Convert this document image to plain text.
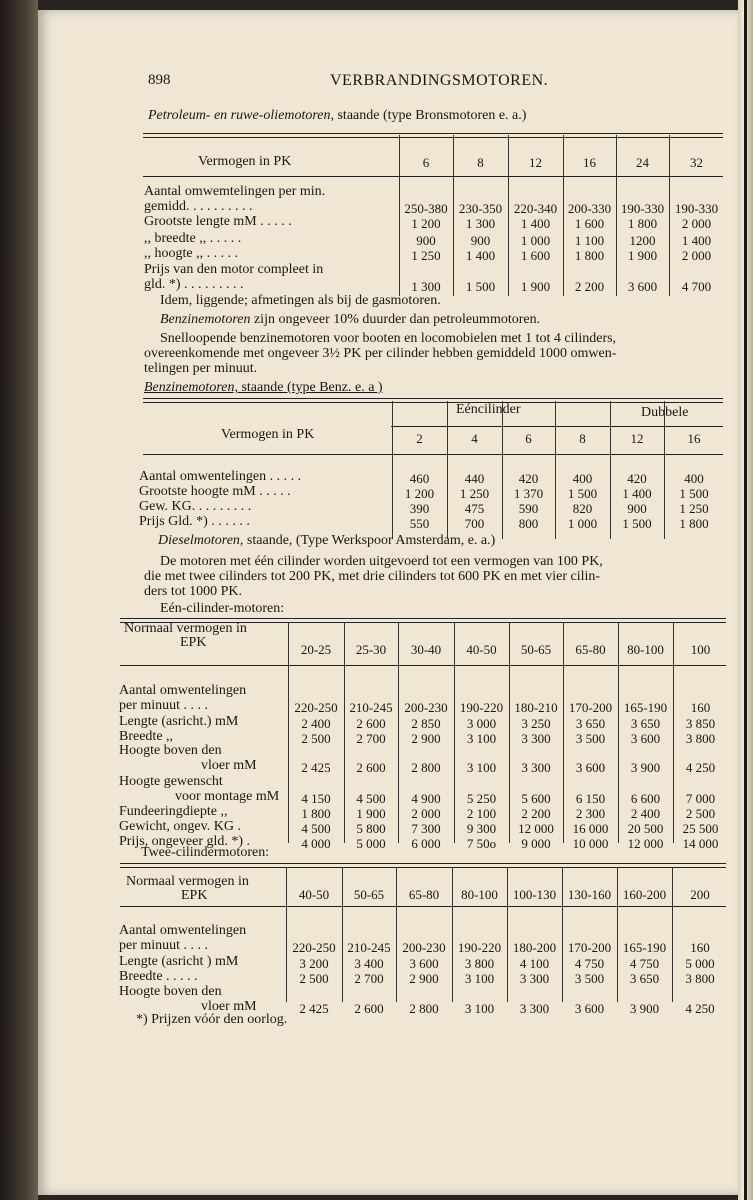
898	VERBRANDINGSMOTOREN.
Petroleum- en ruwe-oliemotoren, staande (type Bronsmotoren e. a.)
Vermogen in PK	6	8	12	16	24	32
Aantal omwemtelingen per min.
gemidd. . . . . . . . . .	250-380 230-350 220-340 200-330 190-330 190-330
Grootste lengte mM . . . . .	1 200	1 300	1 400	1 600	1 800	2 000
,, breedte ,, . . . . .	900	900	1 000	1 100	1200	1 400
,, hoogte ,, . . . . .	1 250	1 400	1 600	1 800	1 900	2 000
Prijs van den motor compleet in
gld. *) . . . . . . . . .	1 300	1 500	1 900	2 200	3 600	4 700
Idem, liggende; afmetingen als bij de gasmotoren.
Benzinemotoren zijn ongeveer 10% duurder dan petroleummotoren.
Snelloopende benzinemotoren voor booten en locomobielen met 1 tot 4 cilinders,
overeenkomende met ongeveer 3½ PK per cilinder hebben gemiddeld 1000 omwen-
telingen per minuut.
Benzinemotoren, staande (type Benz. e. a )
Vermogen in PK
Eéncilinder	Dubbele
2	4	6	8	12	16
Aantal omwentelingen . . . . .	460	440	420	400	420	400
Grootste hoogte mM . . . . .	1 200	1 250	1 370	1 500	1 400	1 500
Gew. KG. . . . . . . . .	390	475	590	820	900	1 250
Prijs Gld. *) . . . . . .	550	700	800	1 000	1 500	1 800
Dieselmotoren, staande, (Type Werkspoor Amsterdam, e. a.)
De motoren met één cilinder worden uitgevoerd tot een vermogen van 100 PK,
die met twee cilinders tot 200 PK, met drie cilinders tot 600 PK en met vier cilin-
ders tot 1000 PK.
Eén-cilinder-motoren:
Normaal vermogen in
EPK	20-25	25-30	30-40	40-50	50-65	65-80	80-100	100
Aantal omwentelingen
per minuut . . . .	220-250 210-245 200-230 190-220 180-210 170-200 165-190	160
Lengte (asricht.) mM	2 400	2 600	2 850	3 000	3 250	3 650	3 650	3 850
Breedte ,,	2 500	2 700	2 900	3 100	3 300	3 500	3 600	3 800
Hoogte boven den
vloer mM	2 425	2 600	2 800	3 100	3 300	3 600	3 900	4 250
Hoogte gewenscht
voor montage mM	4 150	4 500	4 900	5 250	5 600	6 150	6 600	7 000
Fundeeringdiepte ,,	1 800	1 900	2 000	2 100	2 200	2 300	2 400	2 500
Gewicht, ongev. KG .	4 500	5 800	7 300	9 300	12 000	16 000	20 500	25 500
Prijs, ongeveer gld. *) .	4 000	5 000	6 000	7 50o	9 000	10 000	12 000	14 000
Twee-cilindermotoren:
Normaal vermogen in
EPK	40-50	50-65	65-80	80-100	100-130 130-160 160-200	200
Aantal omwentelingen
per minuut . . . .	220-250 210-245 200-230 190-220 180-200 170-200 165-190	160
Lengte (asricht ) mM	3 200	3 400	3 600	3 800	4 100	4 750	4 750	5 000
Breedte . . . . .	2 500	2 700	2 900	3 100	3 300	3 500	3 650	3 800
Hoogte boven den
vloer mM	2 425	2 600	2 800	3 100	3 300	3 600	3 900	4 250
*) Prijzen vóór den oorlog.
